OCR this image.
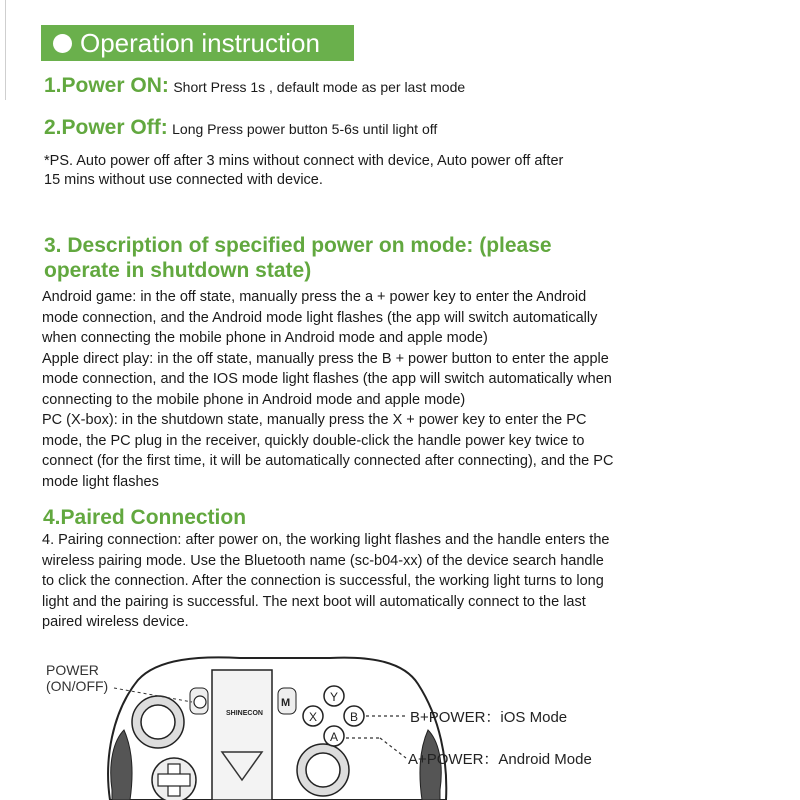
Operation instruction
1.Power ON: Short Press 1s , default mode as per last mode
2.Power Off: Long Press power button 5-6s until light off
*PS. Auto power off after 3 mins without connect with device, Auto power off after
15 mins without use connected with device.
3. Description of specified power on mode: (please
operate in shutdown state)
Android game: in the off state, manually press the a + power key to enter the Android
mode connection, and the Android mode light flashes (the app will switch automatically
when connecting the mobile phone in Android mode and apple mode)
Apple direct play: in the off state, manually press the B + power button to enter the apple
mode connection, and the IOS mode light flashes (the app will switch automatically when
connecting to the mobile phone in Android mode and apple mode)
PC (X-box): in the shutdown state, manually press the X + power key to enter the PC
mode, the PC plug in the receiver, quickly double-click the handle power key twice to
connect (for the first time, it will be automatically connected after connecting), and the PC
mode light flashes
4.Paired Connection
4. Pairing connection: after power on, the working light flashes and the handle enters the
wireless pairing mode. Use the Bluetooth name (sc-b04-xx) of the device search handle
to click the connection. After the connection is successful, the working light turns to long
light and the pairing is successful. The next boot will automatically connect to the last
paired wireless device.
POWER
(ON/OFF)
SHINECON
M	Y
X	B
A
B+POWER：iOS Mode
A+POWER：Android Mode
